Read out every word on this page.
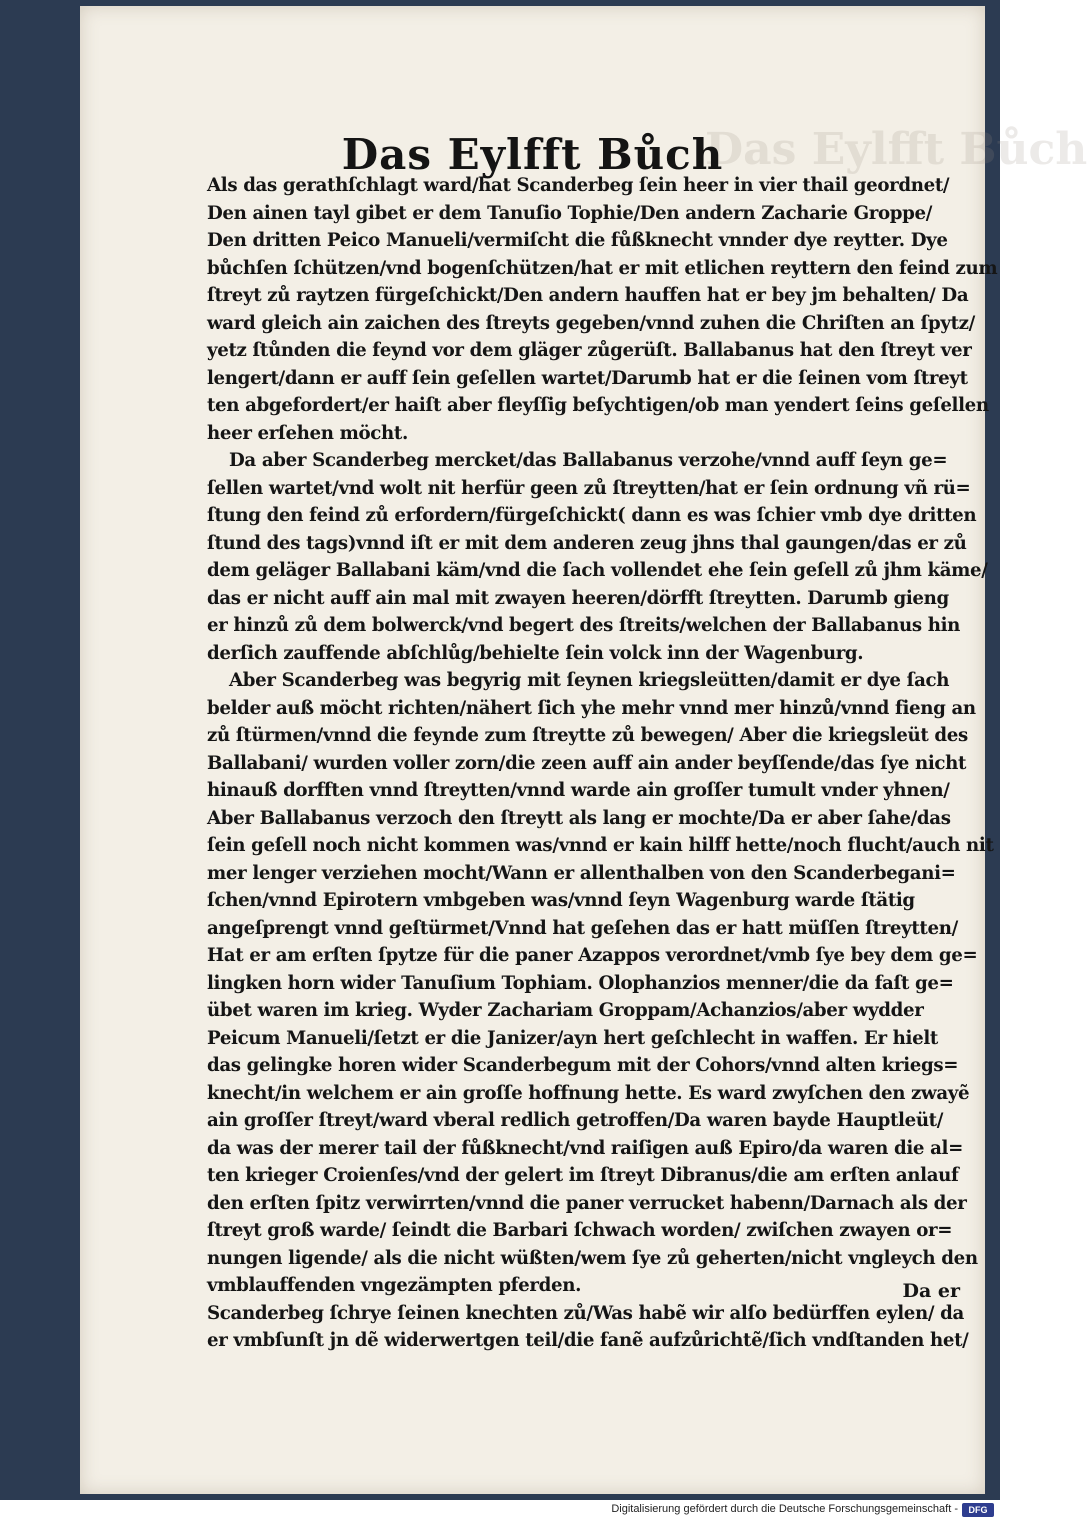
Das Eylfft Bůch
Das Eylfft Bůch
Als das gerathſchlagt ward/hat Scanderbeg ſein heer in vier thail geordnet/
Den ainen tayl gibet er dem Tanuſio Tophie/Den andern Zacharie Groppe/
Den dritten Peico Manueli/vermiſcht die fůßknecht vnnder dye reytter. Dye
bůchſen ſchützen/vnd bogenſchützen/hat er mit etlichen reyttern den feind zum
ſtreyt zů raytzen fürgeſchickt/Den andern hauffen hat er bey jm behalten/ Da
ward gleich ain zaichen des ſtreyts gegeben/vnnd zuhen die Chriſten an ſpytz/
yetz ſtůnden die feynd vor dem gläger zůgerüſt. Ballabanus hat den ſtreyt ver
lengert/dann er auff ſein geſellen wartet/Darumb hat er die ſeinen vom ſtreyt
ten abgefordert/er haiſt aber fleyſſig beſychtigen/ob man yendert ſeins geſellen
heer erſehen möcht.
Da aber Scanderbeg mercket/das Ballabanus verzohe/vnnd auff ſeyn ge=
ſellen wartet/vnd wolt nit herfür geen zů ſtreytten/hat er ſein ordnung vñ rü=
ſtung den feind zů erfordern/fürgeſchickt( dann es was ſchier vmb dye dritten
ſtund des tags)vnnd iſt er mit dem anderen zeug jhns thal gaungen/das er zů
dem geläger Ballabani käm/vnd die ſach vollendet ehe ſein geſell zů jhm käme/
das er nicht auff ain mal mit zwayen heeren/dörfft ſtreytten. Darumb gieng
er hinzů zů dem bolwerck/vnd begert des ſtreits/welchen der Ballabanus hin
derſich zauffende abſchlůg/behielte ſein volck inn der Wagenburg.
Aber Scanderbeg was begyrig mit ſeynen kriegsleütten/damit er dye ſach
belder auß möcht richten/nähert ſich yhe mehr vnnd mer hinzů/vnnd fieng an
zů ſtürmen/vnnd die feynde zum ſtreytte zů bewegen/ Aber die kriegsleüt des
Ballabani/ wurden voller zorn/die zeen auff ain ander beyſſende/das ſye nicht
hinauß dorfften vnnd ſtreytten/vnnd warde ain groſſer tumult vnder yhnen/
Aber Ballabanus verzoch den ſtreytt als lang er mochte/Da er aber ſahe/das
ſein geſell noch nicht kommen was/vnnd er kain hilff hette/noch flucht/auch nit
mer lenger verziehen mocht/Wann er allenthalben von den Scanderbegani=
ſchen/vnnd Epirotern vmbgeben was/vnnd ſeyn Wagenburg warde ſtätig
angeſprengt vnnd geſtürmet/Vnnd hat geſehen das er hatt müſſen ſtreytten/
Hat er am erſten ſpytze für die paner Azappos verordnet/vmb ſye bey dem ge=
lingken horn wider Tanuſium Tophiam. Olophanzios menner/die da faſt ge=
übet waren im krieg. Wyder Zachariam Groppam/Achanzios/aber wydder
Peicum Manueli/ſetzt er die Janizer/ayn hert geſchlecht in waffen. Er hielt
das gelingke horen wider Scanderbegum mit der Cohors/vnnd alten kriegs=
knecht/in welchem er ain groſſe hoffnung hette. Es ward zwyſchen den zwayẽ
ain groſſer ſtreyt/ward vberal redlich getroffen/Da waren bayde Hauptleüt/
da was der merer tail der fůßknecht/vnd raiſigen auß Epiro/da waren die al=
ten krieger Croienſes/vnd der gelert im ſtreyt Dibranus/die am erſten anlauf
den erſten ſpitz verwirrten/vnnd die paner verrucket habenn/Darnach als der
ſtreyt groß warde/ ſeindt die Barbari ſchwach worden/ zwiſchen zwayen or=
nungen ligende/ als die nicht wüßten/wem ſye zů geherten/nicht vngleych den
vmblauffenden vngezämpten pferden.
Scanderbeg ſchrye ſeinen knechten zů/Was habẽ wir alſo bedürffen eylen/ da
er vmbſunſt jn dẽ widerwertgen teil/die fanẽ aufzůrichtẽ/ſich vndſtanden het/
Da er
Digitalisierung gefördert durch die Deutsche Forschungsgemeinschaft -	DFG
